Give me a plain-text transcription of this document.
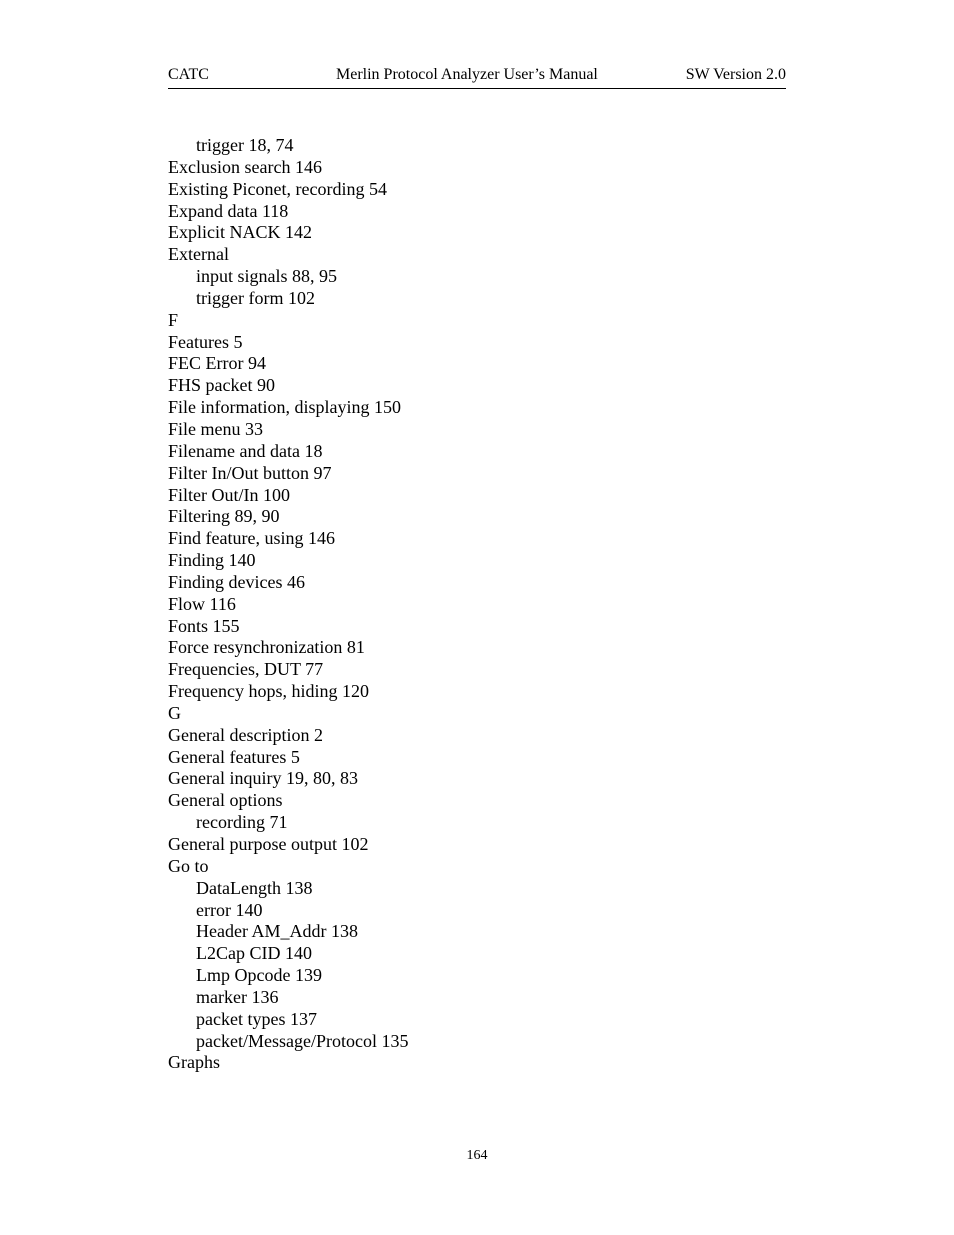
CATC	Merlin Protocol Analyzer User’s Manual	SW Version 2.0
trigger 18, 74
Exclusion search 146
Existing Piconet, recording 54
Expand data 118
Explicit NACK 142
External
input signals 88, 95
trigger form 102
F
Features 5
FEC Error 94
FHS packet 90
File information, displaying 150
File menu 33
Filename and data 18
Filter In/Out button 97
Filter Out/In 100
Filtering 89, 90
Find feature, using 146
Finding 140
Finding devices 46
Flow 116
Fonts 155
Force resynchronization 81
Frequencies, DUT 77
Frequency hops, hiding 120
G
General description 2
General features 5
General inquiry 19, 80, 83
General options
recording 71
General purpose output 102
Go to
DataLength 138
error 140
Header AM_Addr 138
L2Cap CID 140
Lmp Opcode 139
marker 136
packet types 137
packet/Message/Protocol 135
Graphs
164
